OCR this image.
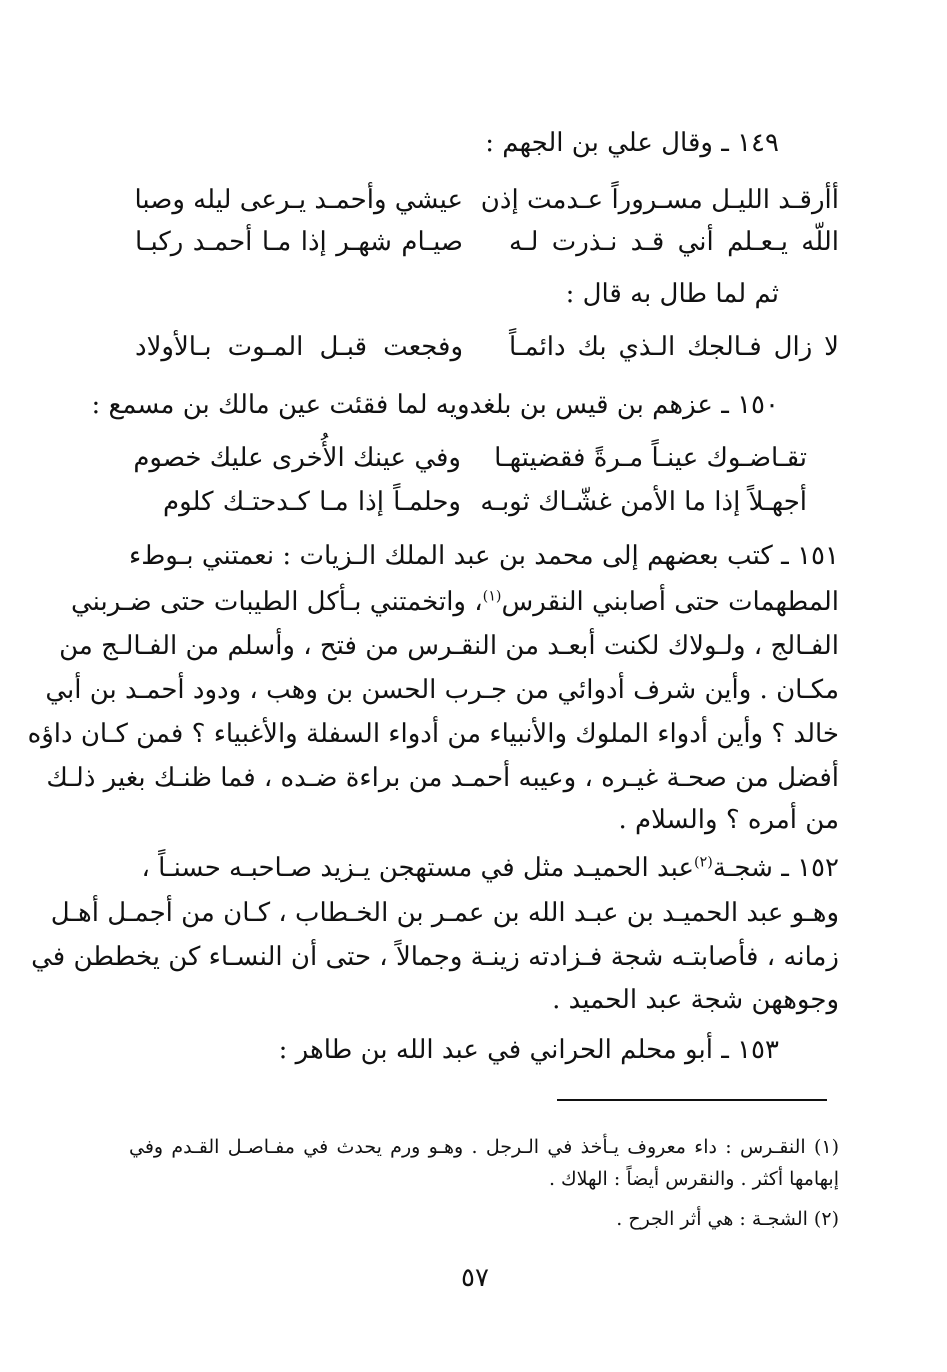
١٤٩ ـ وقال علي بن الجهم :
أأرقـد الليـل مسـروراً عـدمت إذن
عيشي وأحمـد يـرعى ليله وصبا
اللّه يـعـلم أني قـد نـذرت لـه
صيـام شهـر إذا مـا أحمـد ركبـا
ثم لما طال به قال :
لا زال فـالجك الـذي بك دائمـاً
وفجعت قبـل المـوت بـالأولاد
١٥٠ ـ عزهم بن قيس بن بلغدويه لما فقئت عين مالك بن مسمع :
تقـاضـوك عينـاً مـرةً فقضيتهـا
وفي عينك الأُخرى عليك خصوم
أجهـلاً إذا ما الأمن غشّـاك ثوبـه
وحلمـاً إذا مـا كـدحتـك كلوم
١٥١ ـ كتب بعضهم إلى محمد بن عبد الملك الـزيات : نعمتني بـوطء
المطهمات حتى أصابني النقرس$^{(١)}$
، واتخمتني بـأكل الطيبات حتى ضـربني
الفـالج ، ولـولاك لكنت أبعـد من النقـرس من فتح ، وأسلم من الفـالـج من
مكـان . وأين شرف أدوائي من جـرب الحسن بن وهب ، ودود أحمـد بن أبي
خالد ؟ وأين أدواء الملوك والأنبياء من أدواء السفلة والأغبياء ؟ فمن كـان داؤه
أفضل من صحـة غيـره ، وعيبه أحمـد من براءة ضـده ، فما ظنـك بغير ذلـك
من أمره ؟ والسلام .
١٥٢ ـ شجـة$^{(٢)}$
عبد الحميـد مثل في مستهجن يـزيد صـاحبـه حسنـاً ،
وهـو عبد الحميـد بن عبـد الله بن عمـر بن الخـطاب ، كـان من أجمـل أهـل
زمانه ، فأصابتـه شجة فـزادته زينـة وجمالاً ، حتى أن النسـاء كن يخططن في
وجوههن شجة عبد الحميد .
١٥٣ ـ أبو محلم الحراني في عبد الله بن طاهر :
(١) النقـرس : داء معروف يـأخذ في الـرجل . وهـو ورم يحدث في مفـاصـل القـدم وفي
إبهامها أكثر . والنقرس أيضاً : الهلاك .
(٢) الشجـة : هي أثر الجرح .
٥٧
